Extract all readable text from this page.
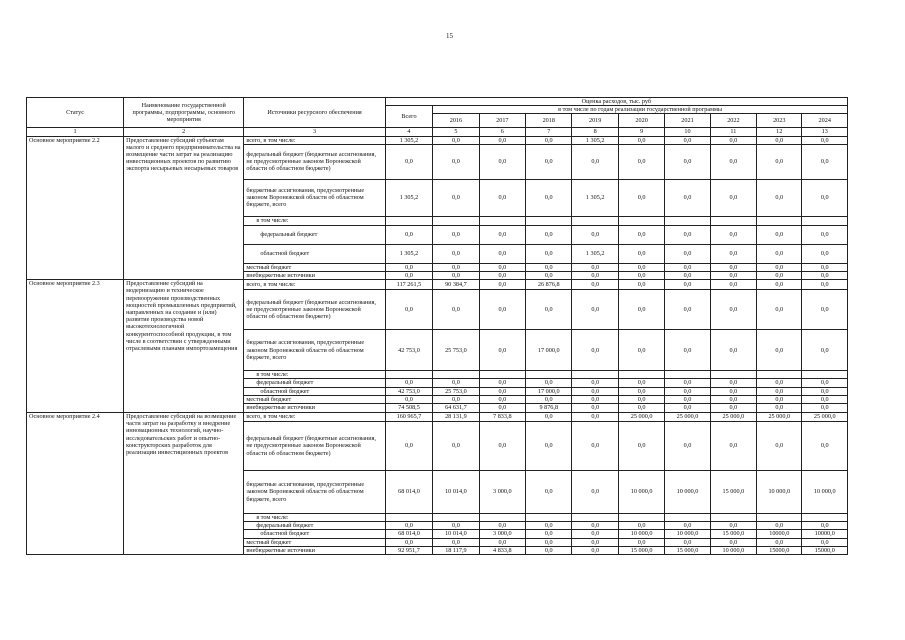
15
Статус	Наименование государственной программы, подпрограммы, основного мероприятия	Источники ресурсного обеспечения	Оценка расходов, тыс. руб									
			Всего	в том числе по годам реализации государственной программы								
				2016	2017	2018	2019	2020	2021	2022	2023	2024
1	2	3	4	5	6	7	8	9	10	11	12	13
Основное мероприятие 2.2	Предоставление субсидий субъектам малого и среднего предпринимательства на возмещение части затрат на реализацию инвестиционных проектов по развитию экспорта несырьевых несырьевых товаров	всего, в том числе:	1 305,2	0,0	0,0	0,0	1 305,2	0,0	0,0	0,0	0,0	0,0
		федеральный бюджет (бюджетные ассигнования, не предусмотренные законом Воронежской области об областном бюджете)	0,0	0,0	0,0	0,0	0,0	0,0	0,0	0,0	0,0	0,0
		бюджетные ассигнования, предусмотренные законом Воронежской области об областном бюджете, всего	1 305,2	0,0	0,0	0,0	1 305,2	0,0	0,0	0,0	0,0	0,0
		в том числе:										
		федеральный бюджет	0,0	0,0	0,0	0,0	0,0	0,0	0,0	0,0	0,0	0,0
		областной бюджет	1 305,2	0,0	0,0	0,0	1 305,2	0,0	0,0	0,0	0,0	0,0
		местный бюджет	0,0	0,0	0,0	0,0	0,0	0,0	0,0	0,0	0,0	0,0
		внебюджетные источники	0,0	0,0	0,0	0,0	0,0	0,0	0,0	0,0	0,0	0,0
Основное мероприятие 2.3	Предоставление субсидий на модернизацию и техническое перевооружение производственных мощностей промышленных предприятий, направленных на создание и (или) развитие производства новой высокотехнологичной конкурентоспособной продукции, в том числе в соответствии с утвержденными отраслевыми планами импортозамещения	всего, в том числе:	117 261,5	90 384,7	0,0	26 876,8	0,0	0,0	0,0	0,0	0,0	0,0
		федеральный бюджет (бюджетные ассигнования, не предусмотренные законом Воронежской области об областном бюджете)	0,0	0,0	0,0	0,0	0,0	0,0	0,0	0,0	0,0	0,0
		бюджетные ассигнования, предусмотренные законом Воронежской области об областном бюджете, всего	42 753,0	25 753,0	0,0	17 000,0	0,0	0,0	0,0	0,0	0,0	0,0
		в том числе:										
		федеральный бюджет	0,0	0,0	0,0	0,0	0,0	0,0	0,0	0,0	0,0	0,0
		областной бюджет	42 753,0	25 753,0	0,0	17 000,0	0,0	0,0	0,0	0,0	0,0	0,0
		местный бюджет	0,0	0,0	0,0	0,0	0,0	0,0	0,0	0,0	0,0	0,0
		внебюджетные источники	74 508,5	64 631,7	0,0	9 876,8	0,0	0,0	0,0	0,0	0,0	0,0
Основное мероприятие 2.4	Предоставление субсидий на возмещение части затрат на разработку и внедрение инновационных технологий, научно-исследовательских работ и опытно-конструкторских разработок для реализации инвестиционных проектов	всего, в том числе:	160 965,7	28 131,9	7 833,8	0,0	0,0	25 000,0	25 000,0	25 000,0	25 000,0	25 000,0
		федеральный бюджет (бюджетные ассигнования, не предусмотренные законом Воронежской области об областном бюджете)	0,0	0,0	0,0	0,0	0,0	0,0	0,0	0,0	0,0	0,0
		бюджетные ассигнования, предусмотренные законом Воронежской области об областном бюджете, всего	68 014,0	10 014,0	3 000,0	0,0	0,0	10 000,0	10 000,0	15 000,0	10 000,0	10 000,0
		в том числе:										
		федеральный бюджет	0,0	0,0	0,0	0,0	0,0	0,0	0,0	0,0	0,0	0,0
		областной бюджет	68 014,0	10 014,0	3 000,0	0,0	0,0	10 000,0	10 000,0	15 000,0	10000,0	10000,0
		местный бюджет	0,0	0,0	0,0	0,0	0,0	0,0	0,0	0,0	0,0	0,0
		внебюджетные источники	92 951,7	18 117,9	4 833,8	0,0	0,0	15 000,0	15 000,0	10 000,0	15000,0	15000,0
